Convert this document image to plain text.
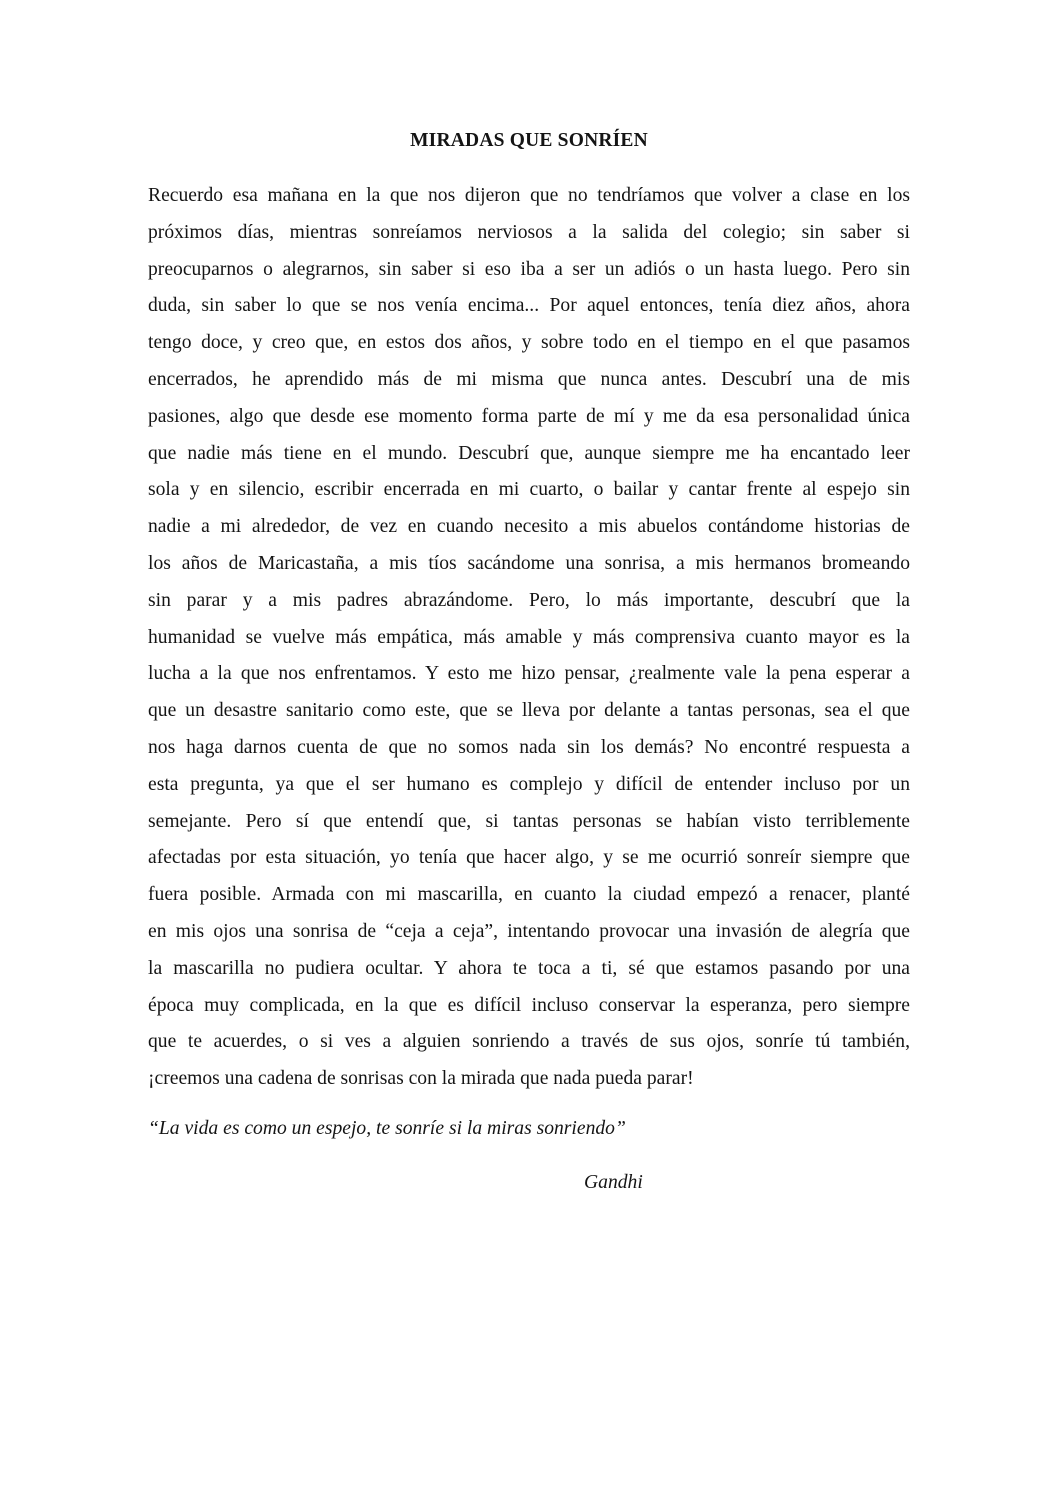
MIRADAS QUE SONRÍEN
Recuerdo esa mañana en la que nos dijeron que no tendríamos que volver a clase en los
próximos días, mientras sonreíamos nerviosos a la salida del colegio; sin saber si
preocuparnos o alegrarnos, sin saber si eso iba a ser un adiós o un hasta luego. Pero sin
duda, sin saber lo que se nos venía encima... Por aquel entonces, tenía diez años, ahora
tengo doce, y creo que, en estos dos años, y sobre todo en el tiempo en el que pasamos
encerrados, he aprendido más de mi misma que nunca antes. Descubrí una de mis
pasiones, algo que desde ese momento forma parte de mí y me da esa personalidad única
que nadie más tiene en el mundo. Descubrí que, aunque siempre me ha encantado leer
sola y en silencio, escribir encerrada en mi cuarto, o bailar y cantar frente al espejo sin
nadie a mi alrededor, de vez en cuando necesito a mis abuelos contándome historias de
los años de Maricastaña, a mis tíos sacándome una sonrisa, a mis hermanos bromeando
sin parar y a mis padres abrazándome. Pero, lo más importante, descubrí que la
humanidad se vuelve más empática, más amable y más comprensiva cuanto mayor es la
lucha a la que nos enfrentamos. Y esto me hizo pensar, ¿realmente vale la pena esperar a
que un desastre sanitario como este, que se lleva por delante a tantas personas, sea el que
nos haga darnos cuenta de que no somos nada sin los demás? No encontré respuesta a
esta pregunta, ya que el ser humano es complejo y difícil de entender incluso por un
semejante. Pero sí que entendí que, si tantas personas se habían visto terriblemente
afectadas por esta situación, yo tenía que hacer algo, y se me ocurrió sonreír siempre que
fuera posible. Armada con mi mascarilla, en cuanto la ciudad empezó a renacer, planté
en mis ojos una sonrisa de “ceja a ceja”, intentando provocar una invasión de alegría que
la mascarilla no pudiera ocultar. Y ahora te toca a ti, sé que estamos pasando por una
época muy complicada, en la que es difícil incluso conservar la esperanza, pero siempre
que te acuerdes, o si ves a alguien sonriendo a través de sus ojos, sonríe tú también,
¡creemos una cadena de sonrisas con la mirada que nada pueda parar!
“La vida es como un espejo, te sonríe si la miras sonriendo”
Gandhi
